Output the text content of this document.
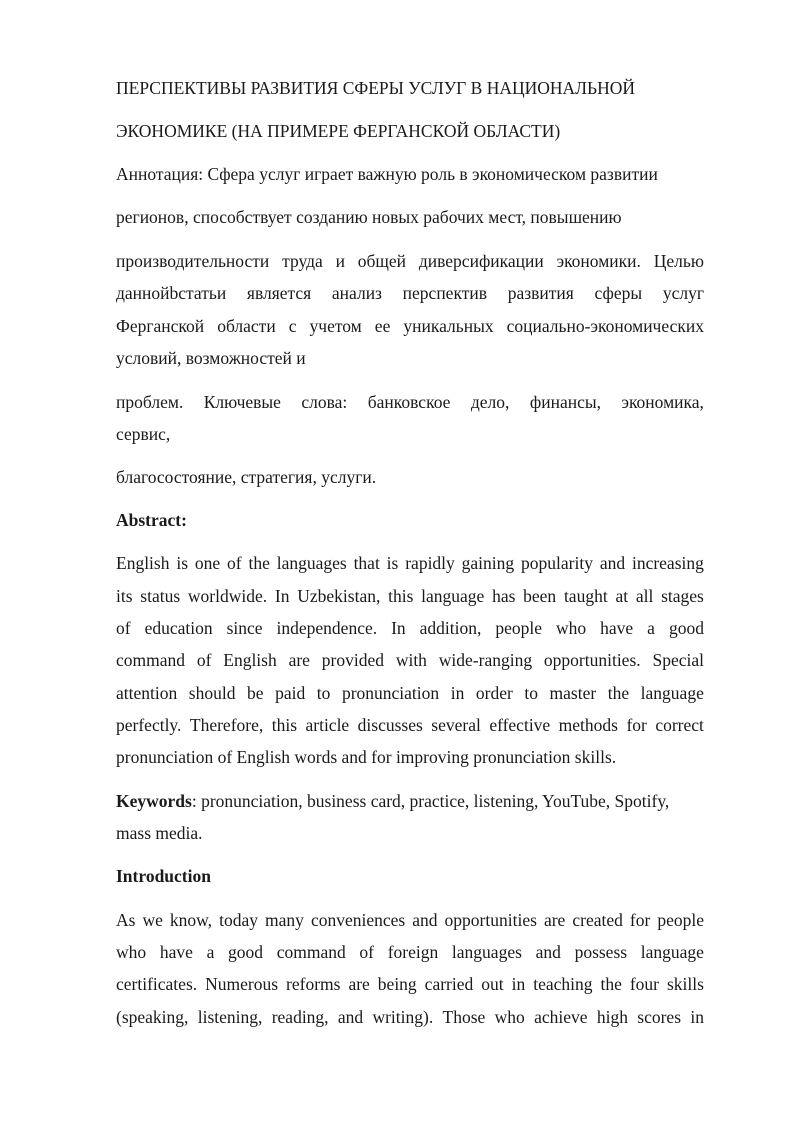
ПЕРСПЕКТИВЫ РАЗВИТИЯ СФЕРЫ УСЛУГ В НАЦИОНАЛЬНОЙ
ЭКОНОМИКЕ (НА ПРИМЕРЕ ФЕРГАНСКОЙ ОБЛАСТИ)
Аннотация: Сфера услуг играет важную роль в экономическом развитии
регионов, способствует созданию новых рабочих мест, повышению
производительности труда и общей диверсификации экономики. Целью
даннойbстатьи является анализ перспектив развития сферы услуг
Ферганской области с учетом ее уникальных социально-экономических
условий, возможностей и
проблем. Ключевые слова: банковское дело, финансы, экономика,
сервис,
благосостояние, стратегия, услуги.
Abstract:
English is one of the languages that is rapidly gaining popularity and increasing
its status worldwide. In Uzbekistan, this language has been taught at all stages
of education since independence. In addition, people who have a good
command of English are provided with wide-ranging opportunities. Special
attention should be paid to pronunciation in order to master the language
perfectly. Therefore, this article discusses several effective methods for correct
pronunciation of English words and for improving pronunciation skills.
Keywords: pronunciation, business card, practice, listening, YouTube, Spotify,
mass media.
Introduction
As we know, today many conveniences and opportunities are created for people
who have a good command of foreign languages and possess language
certificates. Numerous reforms are being carried out in teaching the four skills
(speaking, listening, reading, and writing). Those who achieve high scores in
